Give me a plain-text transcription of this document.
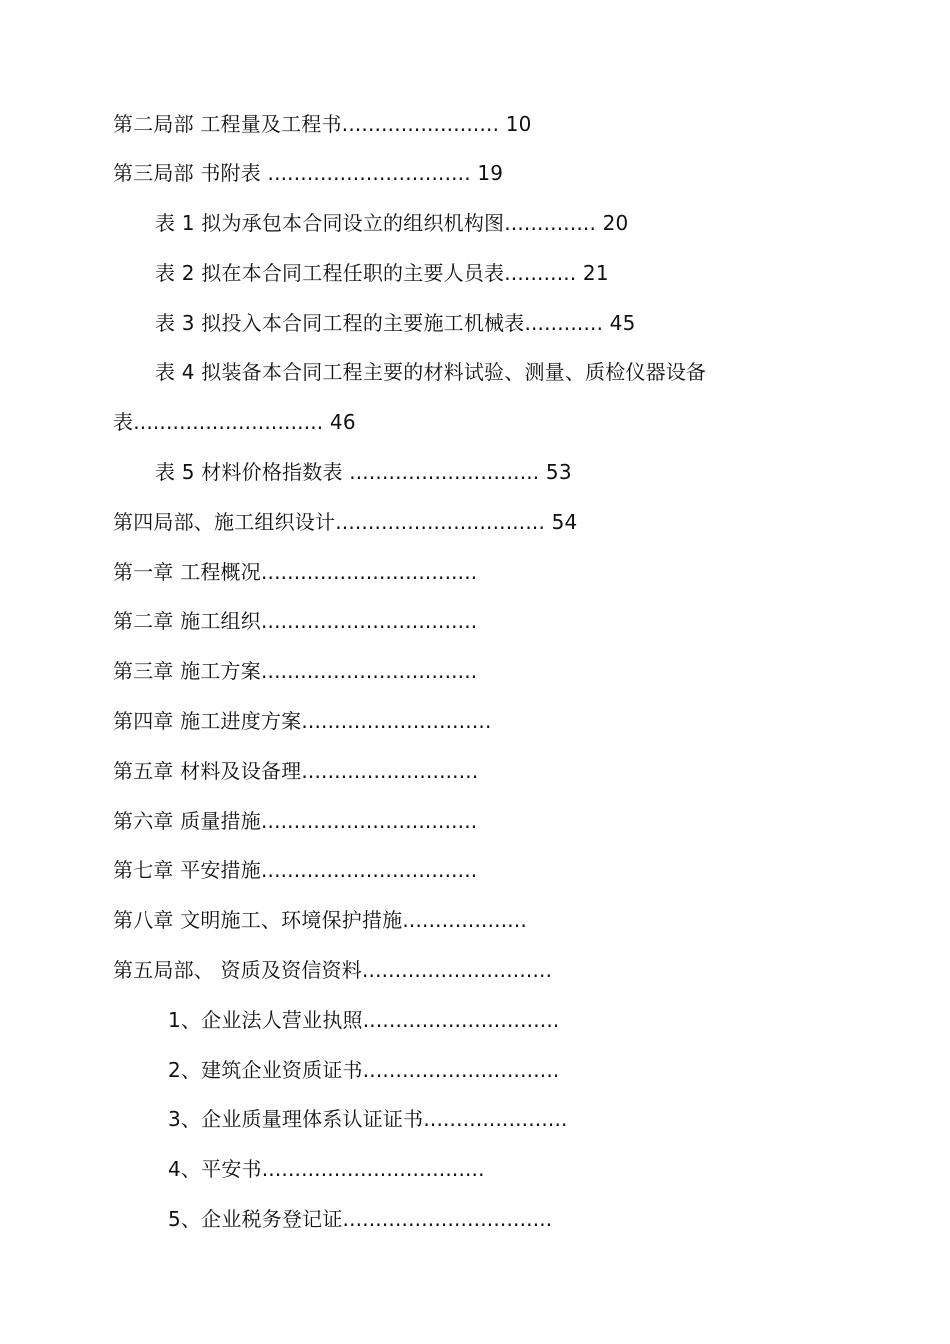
第二局部 工程量及工程书........................ 10
第三局部 书附表 ............................... 19
表 1 拟为承包本合同设立的组织机构图.............. 20
表 2 拟在本合同工程任职的主要人员表........... 21
表 3 拟投入本合同工程的主要施工机械表............ 45
表 4 拟装备本合同工程主要的材料试验、测量、质检仪器设备
表............................. 46
表 5 材料价格指数表 ............................. 53
第四局部、施工组织设计................................ 54
第一章 工程概况.................................
第二章 施工组织.................................
第三章 施工方案.................................
第四章 施工进度方案.............................
第五章 材料及设备理...........................
第六章 质量措施.................................
第七章 平安措施.................................
第八章 文明施工、环境保护措施...................
第五局部、 资质及资信资料.............................
1、企业法人营业执照..............................
2、建筑企业资质证书..............................
3、企业质量理体系认证证书......................
4、平安书..................................
5、企业税务登记证................................
